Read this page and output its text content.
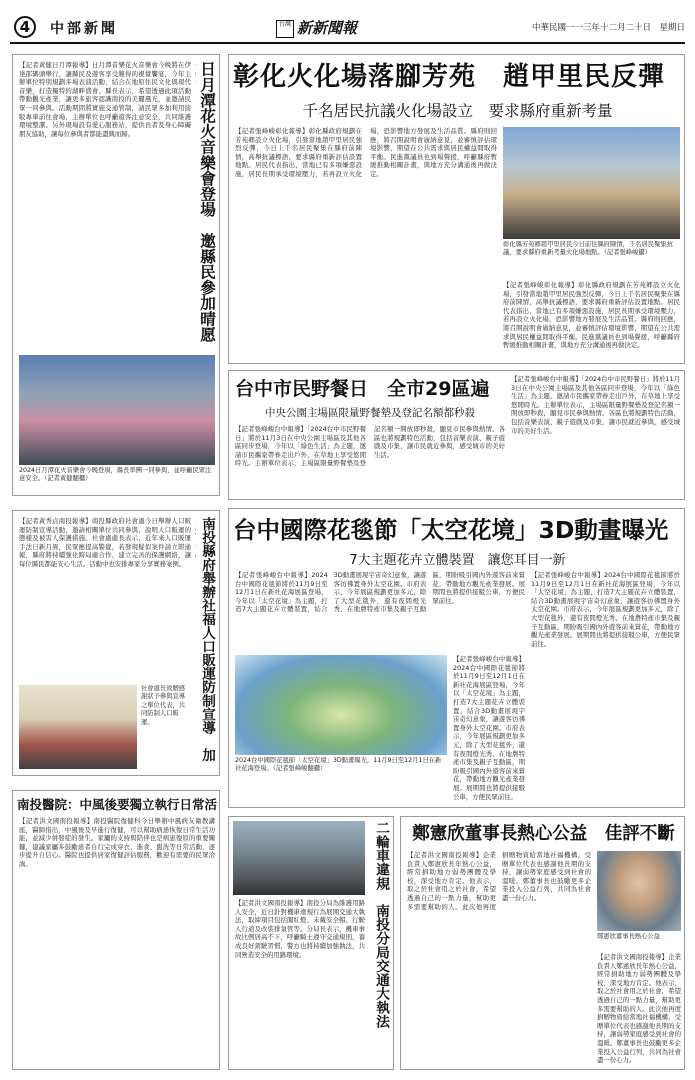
4	中部新聞	台灣 新新聞報	中華民國一一三年十二月二十日　星期日
【記者黃健日月潭報導】日月潭音樂花火音樂會今晚將在伊達邵碼頭舉行，讓縣民及遊客享受難得的視覺饗宴，今年主辦單位特別規劃多場表演活動，結合在地原住民文化與現代音樂，打造獨特的湖畔盛會。縣長表示，希望透過此項活動帶動觀光產業，讓更多旅客認識南投的美麗風光，並邀請民眾一同參與。活動期間將實施交通管制，請民眾多加利用接駁專車前往會場，主辦單位也呼籲遊客注意安全，共同維護環境整潔。另外現場設有愛心服務站，提供長者及身心障礙朋友協助，讓每位參與者都能盡興而歸。	日月潭花火音樂會登場　邀縣民參加晴愿
2024日月潭花火音樂會今晚登場，縣長率團一同參與，並呼籲民眾注意安全。（記者黃健翻攝）
【記者黃秀貞南投報導】南投縣政府社會處今日舉辦人口販運防制宣導活動，邀請相關單位共同參與，說明人口販運的態樣及被害人保護措施。社會處處長表示，近年來人口販運手法日新月異，民眾應提高警覺，若發現疑似案件請立即通報，縣府將持續強化跨局處合作，建立完善的保護網絡，讓每位縣民都能安心生活。活動中也安排專家分享實務案例。	南投縣府舉辦社福人口販運防制宣導　加
社會處長致贈感謝狀予參與宣導之單位代表，共同防制人口販運。
南投醫院：中風後要獨立執行日常活
【記者洪文國南投報導】南投醫院復健科今日舉辦中風病友衛教講座，醫師指出，中風後及早進行復健，可以幫助病患恢復日常生活功能，並減少併發症的發生。家屬的支持與陪伴也是病患復原的重要關鍵，建議家屬多鼓勵患者自行完成穿衣、進食、盥洗等日常活動，逐步提升自信心。醫院也提供居家復健評估服務，歡迎有需要的民眾洽詢。
彰化火化場落腳芳苑　趙甲里民反彈
千名居民抗議火化場設立　要求縣府重新考量
【記者張峰峻彰化報導】彰化縣政府規劃在芳苑鄉設立火化場，引發當地趙甲里居民強烈反彈，今日上千名居民聚集在縣府前陳情，高舉抗議標語，要求縣府重新評估設置地點。居民代表指出，當地已有多項嫌惡設施，居民長期承受環境壓力，若再設立火化場，恐影響地方發展及生活品質。縣府則回應，將召開說明會廣納意見，並審慎評估環境影響，期望在公共需求與居民權益間取得平衡。民進黨議員也到場聲援，呼籲縣府暫緩推動相關計畫，與地方充分溝通後再做決定。
彰化縣芳苑鄉趙甲里居民今日前往縣府陳情，千名居民聚集抗議，要求縣府重新考量火化場地點。（記者張峰峻攝）
【記者張峰峻彰化報導】彰化縣政府規劃在芳苑鄉設立火化場，引發當地趙甲里居民強烈反彈，今日上千名居民聚集在縣府前陳情，高舉抗議標語，要求縣府重新評估設置地點。居民代表指出，當地已有多項嫌惡設施，居民長期承受環境壓力，若再設立火化場，恐影響地方發展及生活品質。縣府則回應，將召開說明會廣納意見，並審慎評估環境影響，期望在公共需求與居民權益間取得平衡。民進黨議員也到場聲援，呼籲縣府暫緩推動相關計畫，與地方充分溝通後再做決定。
台中市民野餐日　全市29區遍
中央公園主場區限量野餐墊及登記名額都秒殺
【記者張峰峻台中報導】「2024台中市民野餐日」將於11月3日在中央公園主場區及其他各區同步登場，今年以「綠色生活」為主題，邀請市民攜家帶眷走出戶外，在草地上享受悠閒時光。主辦單位表示，主場區限量野餐墊及登記名額一開放即秒殺，顯見市民參與熱情。各區也將規劃特色活動，包括音樂表演、親子遊戲及市集，讓市民就近參與，感受城市的美好生活。
【記者張峰峻台中報導】「2024台中市民野餐日」將於11月3日在中央公園主場區及其他各區同步登場，今年以「綠色生活」為主題，邀請市民攜家帶眷走出戶外，在草地上享受悠閒時光。主辦單位表示，主場區限量野餐墊及登記名額一開放即秒殺，顯見市民參與熱情。各區也將規劃特色活動，包括音樂表演、親子遊戲及市集，讓市民就近參與，感受城市的美好生活。
台中國際花毯節「太空花境」3D動畫曝光
7大主題花卉立體裝置　讓您耳目一新
【記者張峰峻台中報導】2024台中國際花毯節將於11月9日至12月1日在新社花海展區登場，今年以「太空花境」為主題，打造7大主題花卉立體裝置，結合3D動畫展現宇宙奇幻意象，讓遊客彷彿置身外太空花園。市府表示，今年展區規劃更加多元，除了大型花毯外，還有夜間燈光秀、在地農特產市集及親子互動區，期盼吸引國內外遊客前來賞花，帶動地方觀光產業發展。展期間也將提供接駁公車，方便民眾前往。
2024台中國際花毯節「太空花境」3D動畫曝光，11月9日至12月1日在新社花海登場。（記者張峰峻翻攝）
【記者張峰峻台中報導】2024台中國際花毯節將於11月9日至12月1日在新社花海展區登場，今年以「太空花境」為主題，打造7大主題花卉立體裝置，結合3D動畫展現宇宙奇幻意象，讓遊客彷彿置身外太空花園。市府表示，今年展區規劃更加多元，除了大型花毯外，還有夜間燈光秀、在地農特產市集及親子互動區，期盼吸引國內外遊客前來賞花，帶動地方觀光產業發展。展期間也將提供接駁公車，方便民眾前往。
【記者張峰峻台中報導】2024台中國際花毯節將於11月9日至12月1日在新社花海展區登場，今年以「太空花境」為主題，打造7大主題花卉立體裝置，結合3D動畫展現宇宙奇幻意象，讓遊客彷彿置身外太空花園。市府表示，今年展區規劃更加多元，除了大型花毯外，還有夜間燈光秀、在地農特產市集及親子互動區，期盼吸引國內外遊客前來賞花，帶動地方觀光產業發展。展期間也將提供接駁公車，方便民眾前往。
二輪車違規　南投分局交通大執法
【記者洪文國南投報導】南投分局為維護用路人安全，近日針對機車違規行為展開交通大執法，取締項目包括闖紅燈、未戴安全帽、行駛人行道及改裝排氣管等。分局長表示，機車事故比例居高不下，呼籲騎士遵守交通規則，養成良好駕駛習慣，警方也將持續加強執法，共同營造安全的用路環境。
鄭憲欣董事長熱心公益　佳評不斷
【記者洪文國南投報導】企業負責人鄭憲欣長年熱心公益，經常捐助地方弱勢團體及學校，深受地方肯定。他表示，取之於社會用之於社會，希望透過自己的一點力量，幫助更多需要幫助的人。此次他再度捐贈物資給當地社福機構，受贈單位代表也感謝他長期的支持，讓弱勢家庭感受到社會的溫暖。鄭董事長也鼓勵更多企業投入公益行列，共同為社會盡一份心力。
鄭憲欣董事長熱心公益
【記者洪文國南投報導】企業負責人鄭憲欣長年熱心公益，經常捐助地方弱勢團體及學校，深受地方肯定。他表示，取之於社會用之於社會，希望透過自己的一點力量，幫助更多需要幫助的人。此次他再度捐贈物資給當地社福機構，受贈單位代表也感謝他長期的支持，讓弱勢家庭感受到社會的溫暖。鄭董事長也鼓勵更多企業投入公益行列，共同為社會盡一份心力。
